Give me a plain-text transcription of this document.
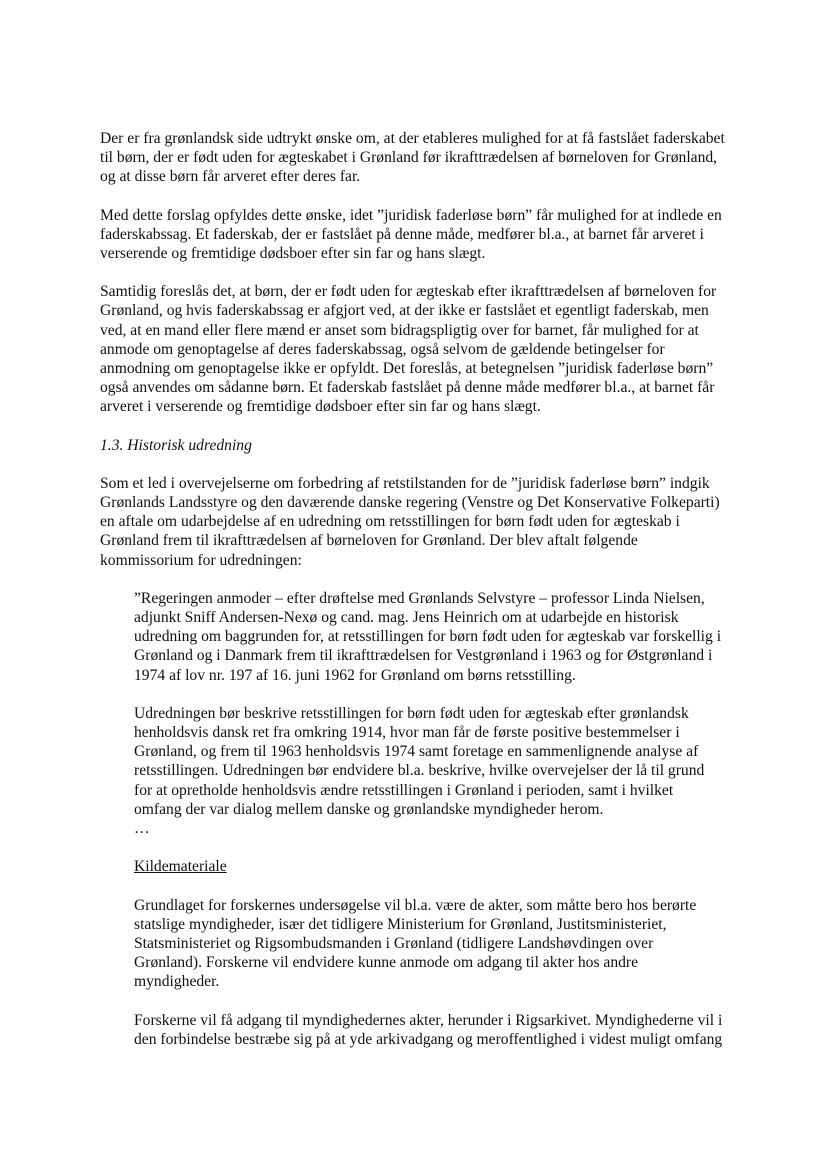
Der er fra grønlandsk side udtrykt ønske om, at der etableres mulighed for at få fastslået faderskabet
til børn, der er født uden for ægteskabet i Grønland før ikrafttrædelsen af børneloven for Grønland,
og at disse børn får arveret efter deres far.
Med dette forslag opfyldes dette ønske, idet ”juridisk faderløse børn” får mulighed for at indlede en
faderskabssag. Et faderskab, der er fastslået på denne måde, medfører bl.a., at barnet får arveret i
verserende og fremtidige dødsboer efter sin far og hans slægt.
Samtidig foreslås det, at børn, der er født uden for ægteskab efter ikrafttrædelsen af børneloven for
Grønland, og hvis faderskabssag er afgjort ved, at der ikke er fastslået et egentligt faderskab, men
ved, at en mand eller flere mænd er anset som bidragspligtig over for barnet, får mulighed for at
anmode om genoptagelse af deres faderskabssag, også selvom de gældende betingelser for
anmodning om genoptagelse ikke er opfyldt. Det foreslås, at betegnelsen ”juridisk faderløse børn”
også anvendes om sådanne børn. Et faderskab fastslået på denne måde medfører bl.a., at barnet får
arveret i verserende og fremtidige dødsboer efter sin far og hans slægt.
1.3. Historisk udredning
Som et led i overvejelserne om forbedring af retstilstanden for de ”juridisk faderløse børn” indgik
Grønlands Landsstyre og den daværende danske regering (Venstre og Det Konservative Folkeparti)
en aftale om udarbejdelse af en udredning om retsstillingen for børn født uden for ægteskab i
Grønland frem til ikrafttrædelsen af børneloven for Grønland. Der blev aftalt følgende
kommissorium for udredningen:
”Regeringen anmoder – efter drøftelse med Grønlands Selvstyre – professor Linda Nielsen,
adjunkt Sniff Andersen-Nexø og cand. mag. Jens Heinrich om at udarbejde en historisk
udredning om baggrunden for, at retsstillingen for børn født uden for ægteskab var forskellig i
Grønland og i Danmark frem til ikrafttrædelsen for Vestgrønland i 1963 og for Østgrønland i
1974 af lov nr. 197 af 16. juni 1962 for Grønland om børns retsstilling.
Udredningen bør beskrive retsstillingen for børn født uden for ægteskab efter grønlandsk
henholdsvis dansk ret fra omkring 1914, hvor man får de første positive bestemmelser i
Grønland, og frem til 1963 henholdsvis 1974 samt foretage en sammenlignende analyse af
retsstillingen. Udredningen bør endvidere bl.a. beskrive, hvilke overvejelser der lå til grund
for at opretholde henholdsvis ændre retsstillingen i Grønland i perioden, samt i hvilket
omfang der var dialog mellem danske og grønlandske myndigheder herom.
…
Kildemateriale
Grundlaget for forskernes undersøgelse vil bl.a. være de akter, som måtte bero hos berørte
statslige myndigheder, især det tidligere Ministerium for Grønland, Justitsministeriet,
Statsministeriet og Rigsombudsmanden i Grønland (tidligere Landshøvdingen over
Grønland). Forskerne vil endvidere kunne anmode om adgang til akter hos andre
myndigheder.
Forskerne vil få adgang til myndighedernes akter, herunder i Rigsarkivet. Myndighederne vil i
den forbindelse bestræbe sig på at yde arkivadgang og meroffentlighed i videst muligt omfang
